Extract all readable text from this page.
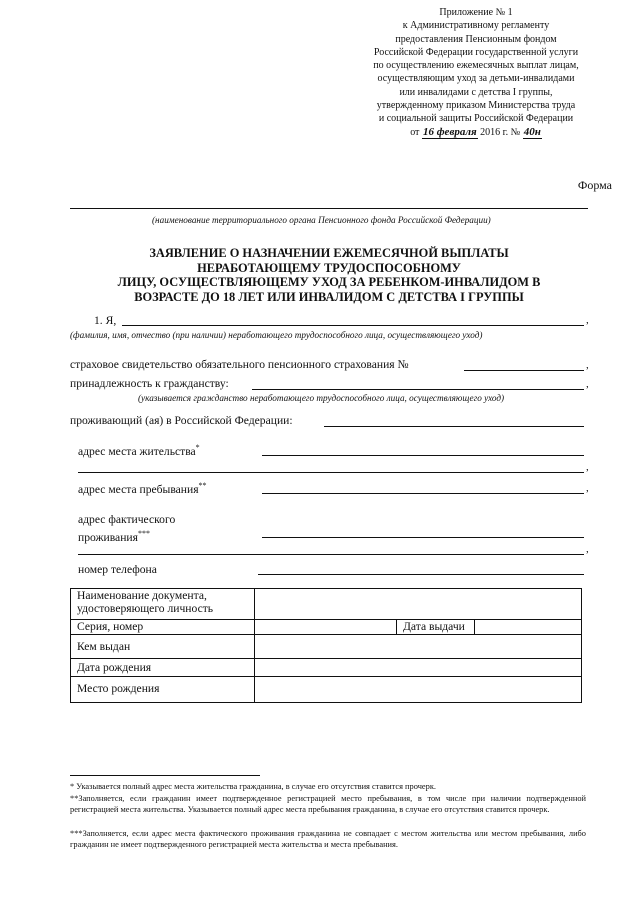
Приложение № 1
к Административному регламенту
предоставления Пенсионным фондом
Российской Федерации государственной услуги
по осуществлению ежемесячных выплат лицам,
осуществляющим уход за детьми-инвалидами
или инвалидами с детства I группы,
утвержденному приказом Министерства труда
и социальной защиты Российской Федерации
от 16 февраля 2016 г. № 40н
Форма
(наименование территориального органа Пенсионного фонда Российской Федерации)
ЗАЯВЛЕНИЕ О НАЗНАЧЕНИИ ЕЖЕМЕСЯЧНОЙ ВЫПЛАТЫ
НЕРАБОТАЮЩЕМУ ТРУДОСПОСОБНОМУ
ЛИЦУ, ОСУЩЕСТВЛЯЮЩЕМУ УХОД ЗА РЕБЕНКОМ-ИНВАЛИДОМ В
ВОЗРАСТЕ ДО 18 ЛЕТ ИЛИ ИНВАЛИДОМ С ДЕТСТВА I ГРУППЫ
1. Я,	,
(фамилия, имя, отчество (при наличии) неработающего трудоспособного лица, осуществляющего уход)
страховое свидетельство обязательного пенсионного страхования №	,
принадлежность к гражданству:	,
(указывается гражданство неработающего трудоспособного лица, осуществляющего уход)
проживающий (ая) в Российской Федерации:
адрес места жительства*
,
адрес места пребывания**	,
адрес фактического
проживания***
,
номер телефона
Наименование документа,
удостоверяющего личность			

Серия, номер		Дата выдачи	
Кем выдан			
Дата рождения			
Место рождения			
* Указывается полный адрес места жительства гражданина, в случае его отсутствия ставится прочерк.
**Заполняется, если гражданин имеет подтвержденное регистрацией место пребывания, в том числе при наличии подтвержденной регистрацией места жительства. Указывается полный адрес места пребывания гражданина, в случае его отсутствия ставится прочерк.
***Заполняется, если адрес места фактического проживания гражданина не совпадает с местом жительства или местом пребывания, либо гражданин не имеет подтвержденного регистрацией места жительства и места пребывания.
